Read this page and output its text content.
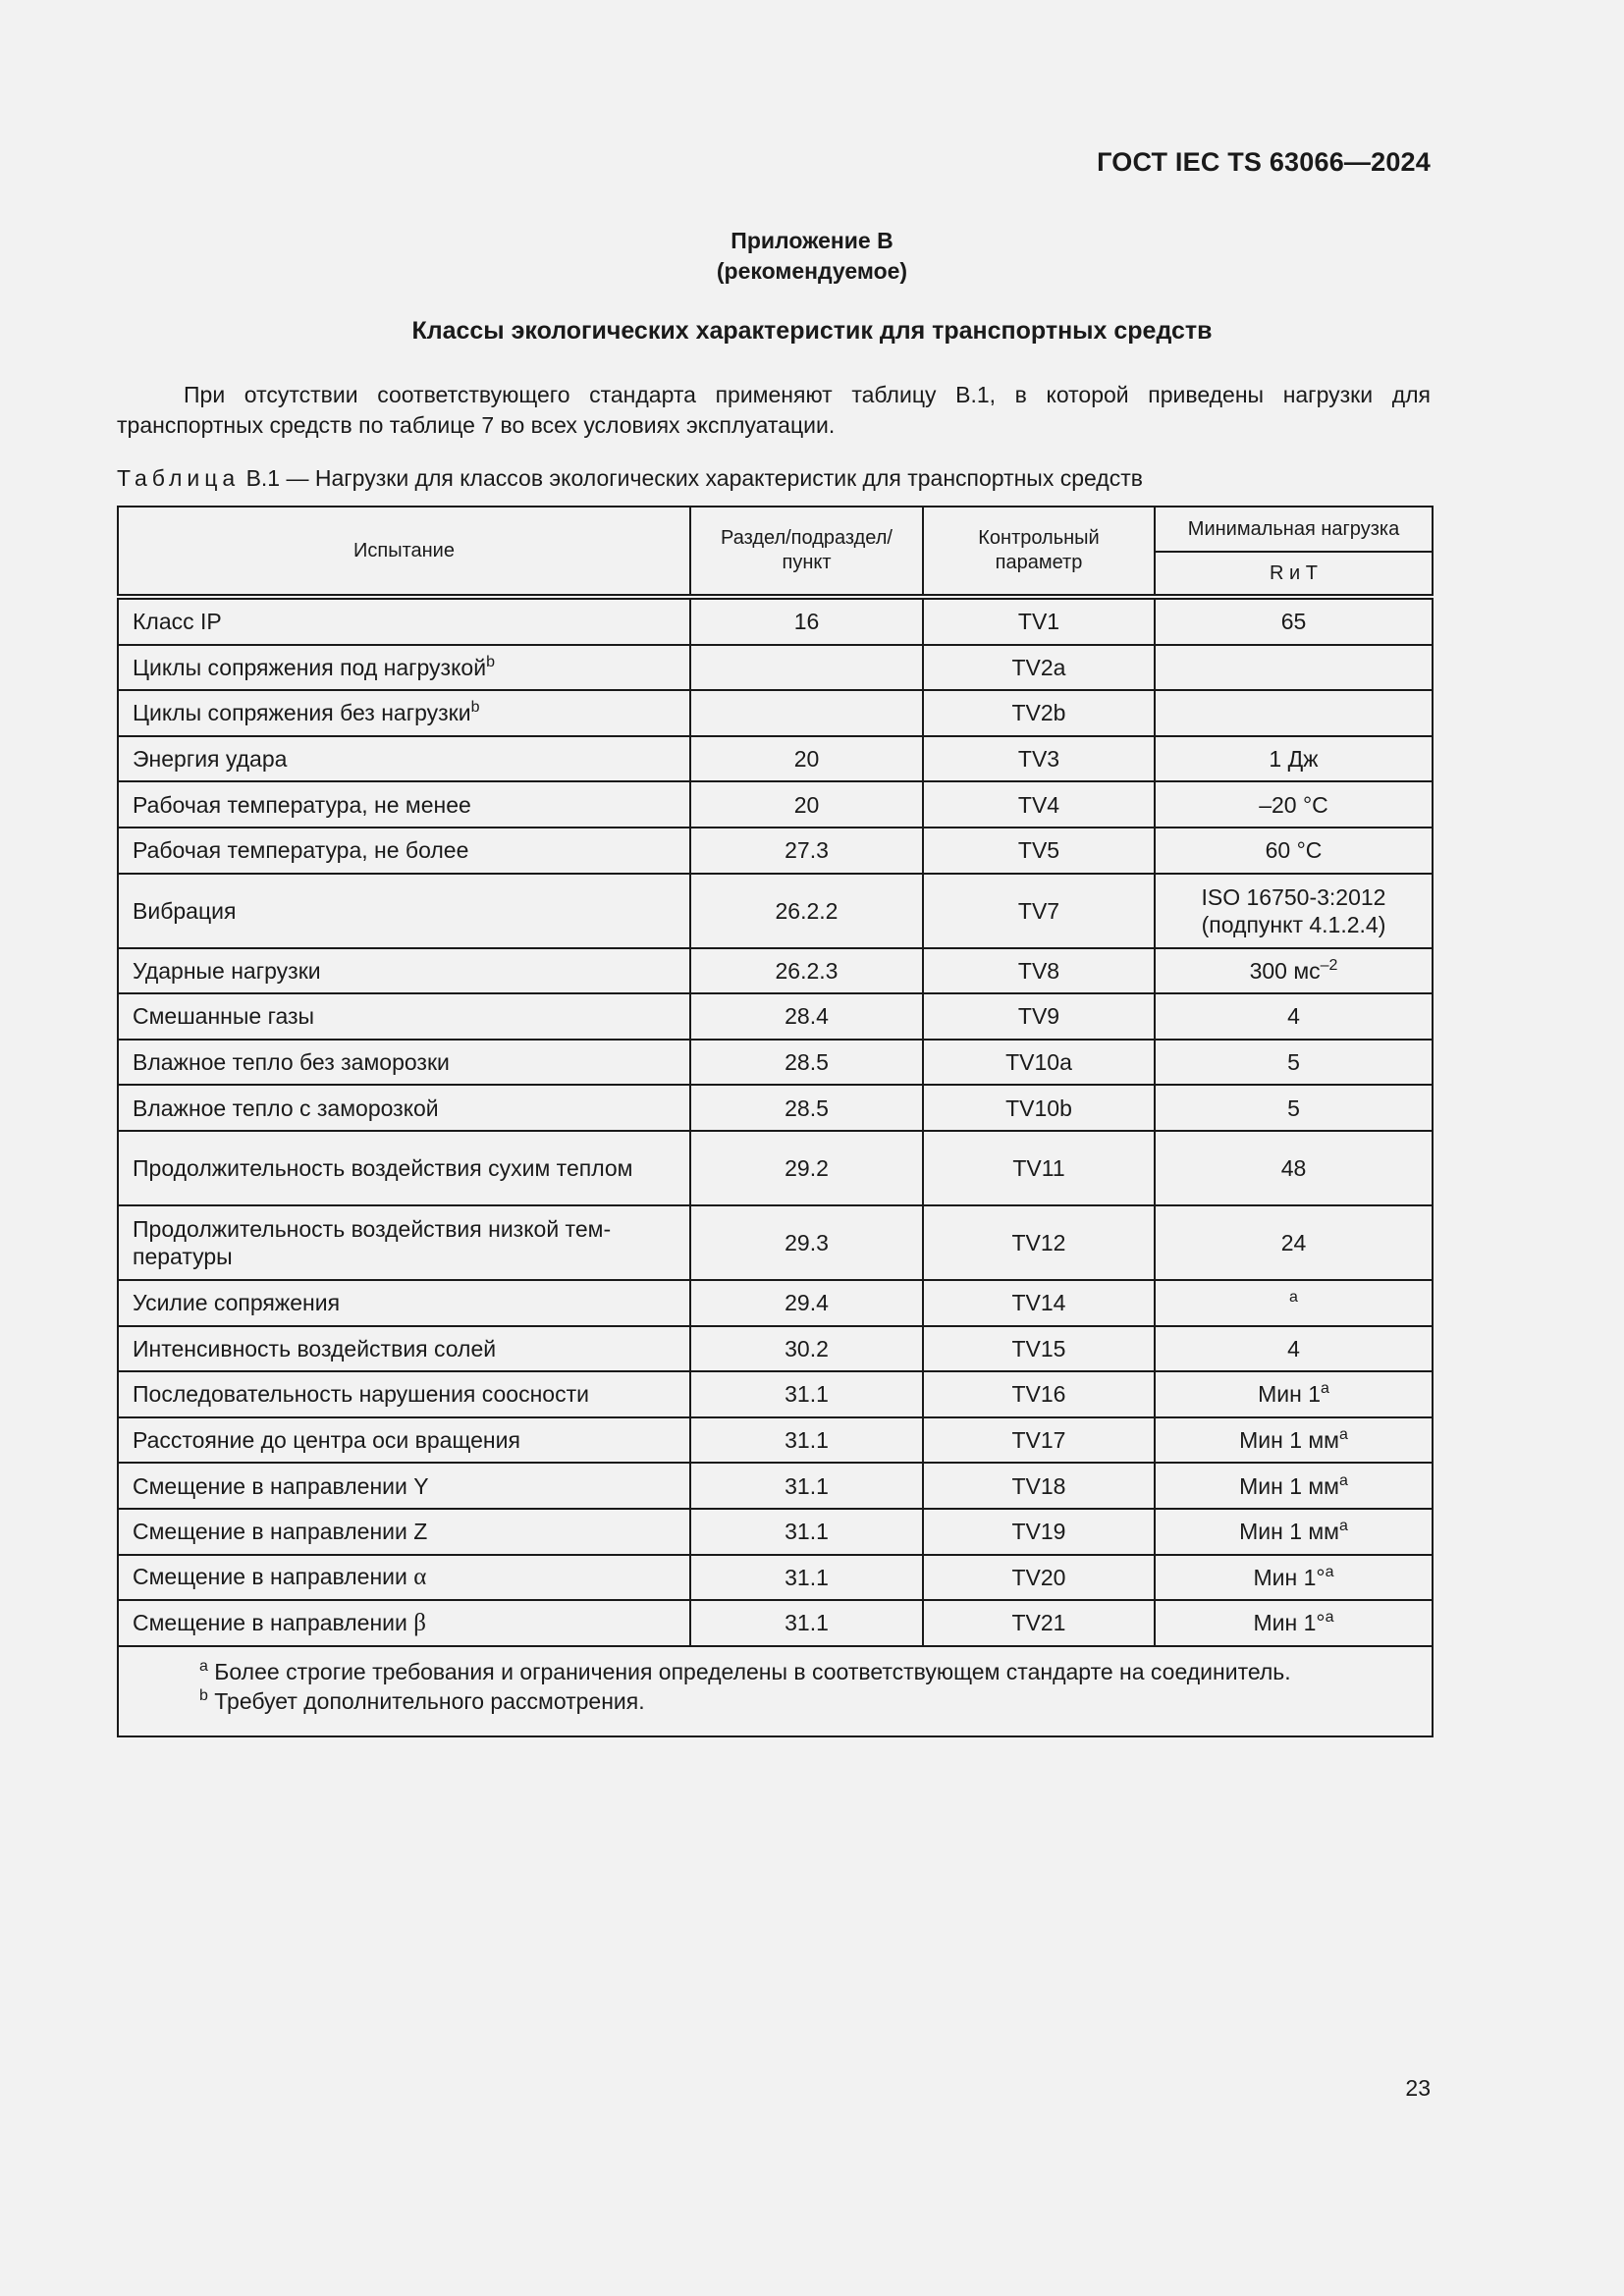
ГОСТ IEC TS 63066—2024
Приложение В
(рекомендуемое)
Классы экологических характеристик для транспортных средств

При отсутствии соответствующего стандарта применяют таблицу В.1, в которой приведены нагрузки для транспортных средств по таблице 7 во всех условиях эксплуатации.

Таблица В.1 — Нагрузки для классов экологических характеристик для транспортных средств
Испытание	Раздел/подраздел/ пункт	Контрольный параметр	Минимальная нагрузка
			R и T
Класс IP	16	TV1	65
Циклы сопряжения под нагрузкой$^b$		TV2a	
Циклы сопряжения без нагрузки$^b$		TV2b	
Энергия удара	20	TV3	1 Дж
Рабочая температура, не менее	20	TV4	–20 °С
Рабочая температура, не более	27.3	TV5	60 °С
Вибрация	26.2.2	TV7	ISO 16750-3:2012
(подпункт 4.1.2.4)
Ударные нагрузки	26.2.3	TV8	300 $мс^{-2}$
Смешанные газы	28.4	TV9	4
Влажное тепло без заморозки	28.5	TV10a	5
Влажное тепло с заморозкой	28.5	TV10b	5
Продолжительность воздействия сухим теплом	29.2	TV11	48
Продолжительность воздействия низкой тем-пературы	29.3	TV12	24
Усилие сопряжения	29.4	TV14	$^a$
Интенсивность воздействия солей	30.2	TV15	4
Последовательность нарушения соосности	31.1	TV16	Мин 1$^a$
Расстояние до центра оси вращения	31.1	TV17	Мин 1 $мм^a$
Смещение в направлении Y	31.1	TV18	Мин 1 $мм^a$
Смещение в направлении Z	31.1	TV19	Мин 1 $мм^a$
Смещение в направлении α	31.1	TV20	Мин 1°$^a$
Смещение в направлении β	31.1	TV21	Мин 1°$^a$

$^a$ Более строгие требования и ограничения определены в соответствующем стандарте на соединитель.
$^b$ Требует дополнительного рассмотрения.			
23
